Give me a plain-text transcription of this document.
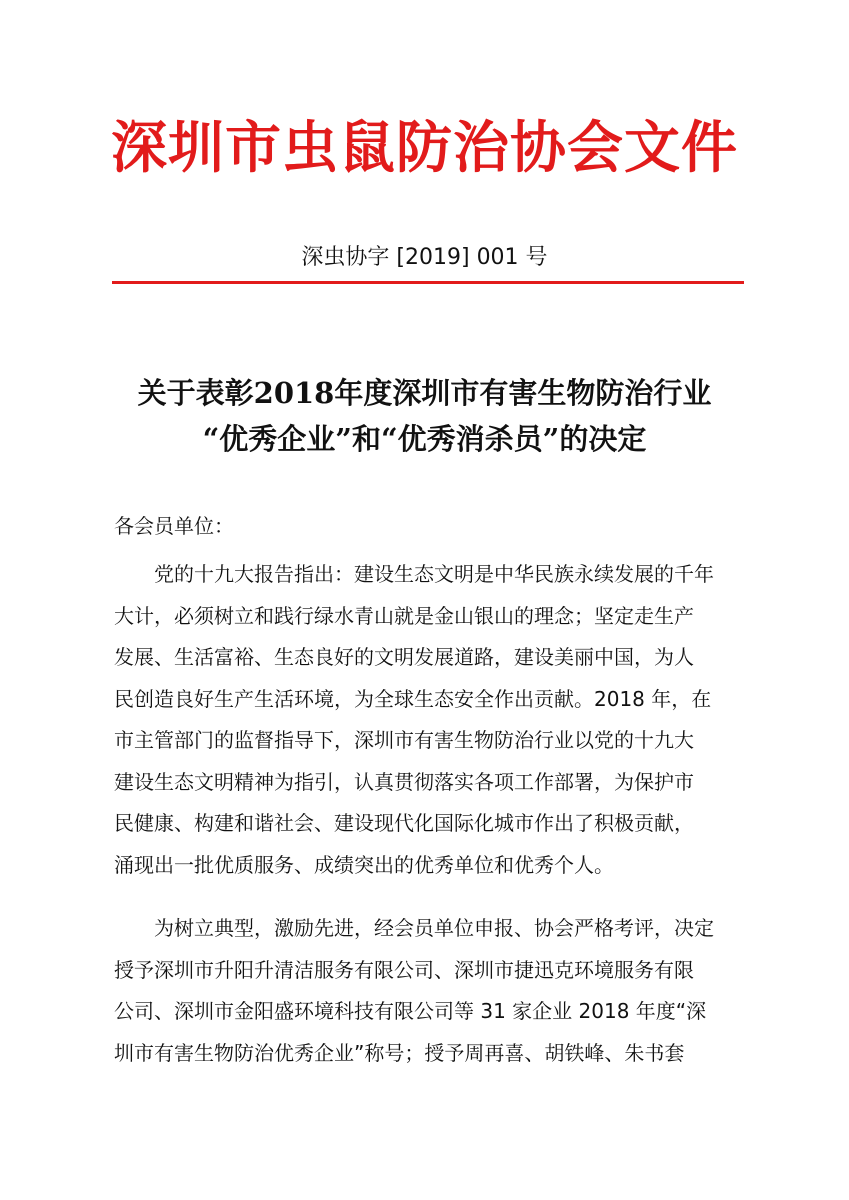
深圳市虫鼠防治协会文件
深虫协字 [2019] 001 号
关于表彰2018年度深圳市有害生物防治行业
“优秀企业”和“优秀消杀员”的决定
各会员单位：
党的十九大报告指出：建设生态文明是中华民族永续发展的千年
大计，必须树立和践行绿水青山就是金山银山的理念；坚定走生产
发展、生活富裕、生态良好的文明发展道路，建设美丽中国，为人
民创造良好生产生活环境，为全球生态安全作出贡献。2018 年，在
市主管部门的监督指导下，深圳市有害生物防治行业以党的十九大
建设生态文明精神为指引，认真贯彻落实各项工作部署，为保护市
民健康、构建和谐社会、建设现代化国际化城市作出了积极贡献，
涌现出一批优质服务、成绩突出的优秀单位和优秀个人。
为树立典型，激励先进，经会员单位申报、协会严格考评，决定
授予深圳市升阳升清洁服务有限公司、深圳市捷迅克环境服务有限
公司、深圳市金阳盛环境科技有限公司等 31 家企业 2018 年度“深
圳市有害生物防治优秀企业”称号；授予周再喜、胡铁峰、朱书套
